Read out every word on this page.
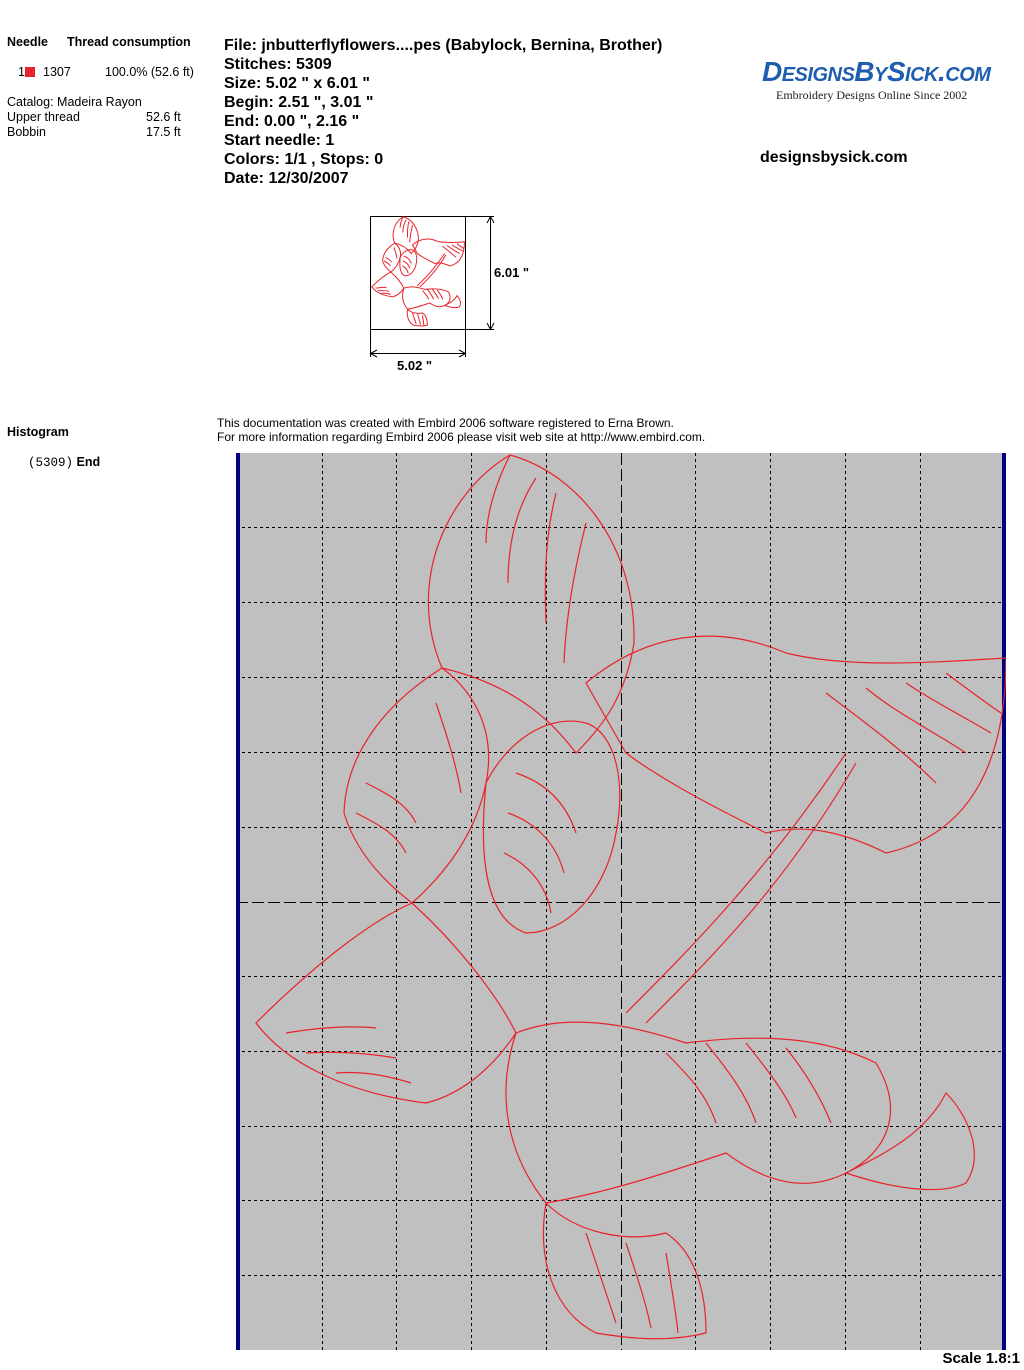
Needle Thread consumption
1	1307	100.0% (52.6 ft)
Catalog: Madeira Rayon
Upper thread	52.6 ft
Bobbin	17.5 ft
File: jnbutterflyflowers....pes (Babylock, Bernina, Brother)
Stitches: 5309
Size: 5.02 " x 6.01 "
Begin: 2.51 ", 3.01 "
End: 0.00 ", 2.16 "
Start needle: 1
Colors: 1/1 , Stops: 0
Date: 12/30/2007
DesignsBySick.com
Embroidery Designs Online Since 2002
designsbysick.com
6.01 "
5.02 "
Histogram
(5309) End
This documentation was created with Embird 2006 software registered to Erna Brown.
For more information regarding Embird 2006 please visit web site at http://www.embird.com.
Scale 1.8:1
